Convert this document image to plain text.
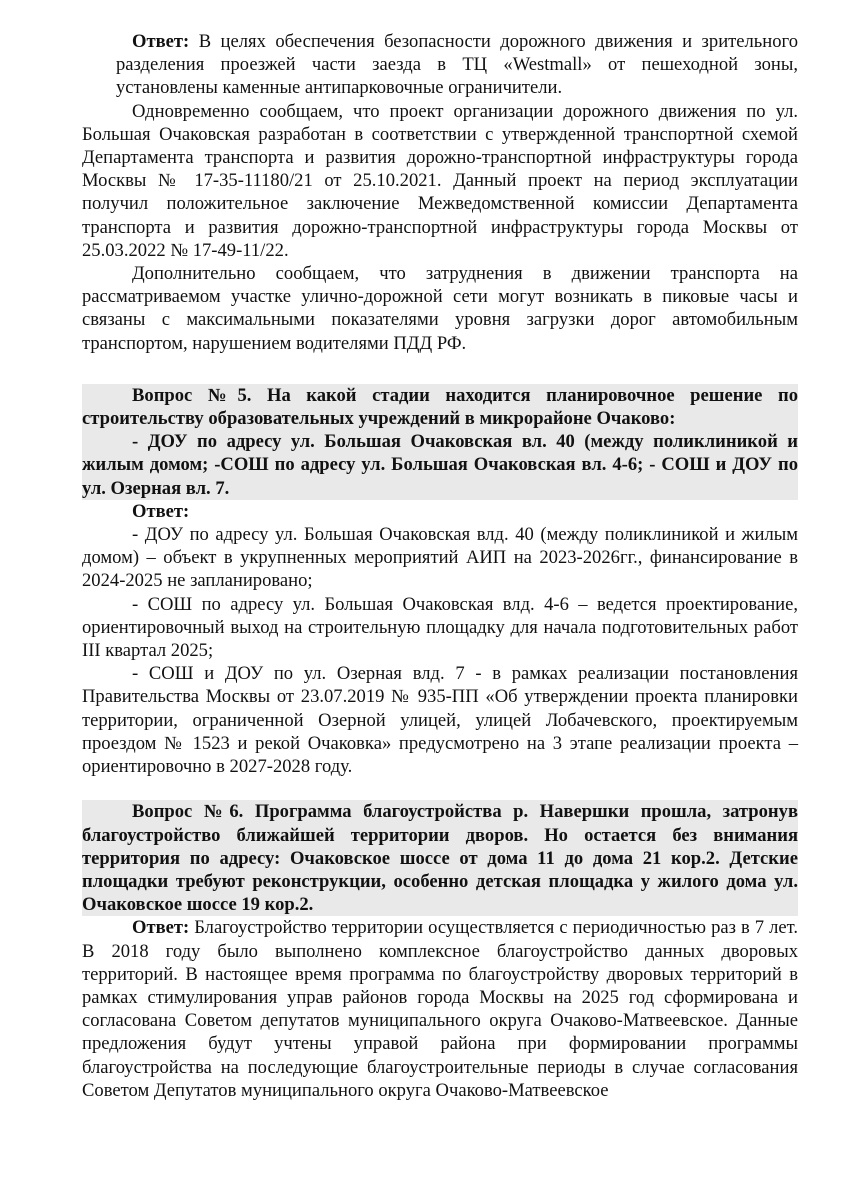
Ответ: В целях обеспечения безопасности дорожного движения и зрительного разделения проезжей части заезда в ТЦ «Westmall» от пешеходной зоны, установлены каменные антипарковочные ограничители.

Одновременно сообщаем, что проект организации дорожного движения по ул. Большая Очаковская разработан в соответствии с утвержденной транспортной схемой Департамента транспорта и развития дорожно-транспортной инфраструктуры города Москвы № 17-35-11180/21 от 25.10.2021. Данный проект на период эксплуатации получил положительное заключение Межведомственной комиссии Департамента транспорта и развития дорожно-транспортной инфраструктуры города Москвы от 25.03.2022 № 17-49-11/22.

Дополнительно сообщаем, что затруднения в движении транспорта на рассматриваемом участке улично-дорожной сети могут возникать в пиковые часы и связаны с максимальными показателями уровня загрузки дорог автомобильным транспортом, нарушением водителями ПДД РФ.

Вопрос №5. На какой стадии находится планировочное решение по строительству образовательных учреждений в микрорайоне Очаково:

- ДОУ по адресу ул. Большая Очаковская вл. 40 (между поликлиникой и жилым домом; -СОШ по адресу ул. Большая Очаковская вл. 4-6; - СОШ и ДОУ по ул. Озерная вл. 7.

Ответ:

- ДОУ по адресу ул. Большая Очаковская влд. 40 (между поликлиникой и жилым домом) – объект в укрупненных мероприятий АИП на 2023-2026гг., финансирование в 2024-2025 не запланировано;

- СОШ по адресу ул. Большая Очаковская влд. 4-6 – ведется проектирование, ориентировочный выход на строительную площадку для начала подготовительных работ III квартал 2025;

- СОШ и ДОУ по ул. Озерная влд. 7 - в рамках реализации постановления Правительства Москвы от 23.07.2019 № 935-ПП «Об утверждении проекта планировки территории, ограниченной Озерной улицей, улицей Лобачевского, проектируемым проездом № 1523 и рекой Очаковка» предусмотрено на 3 этапе реализации проекта – ориентировочно в 2027-2028 году.

Вопрос №6. Программа благоустройства р. Навершки прошла, затронув благоустройство ближайшей территории дворов. Но остается без внимания территория по адресу: Очаковское шоссе от дома 11 до дома 21 кор.2. Детские площадки требуют реконструкции, особенно детская площадка у жилого дома ул. Очаковское шоссе 19 кор.2.

Ответ: Благоустройство территории осуществляется с периодичностью раз в 7 лет. В 2018 году было выполнено комплексное благоустройство данных дворовых территорий. В настоящее время программа по благоустройству дворовых территорий в рамках стимулирования управ районов города Москвы на 2025 год сформирована и согласована Советом депутатов муниципального округа Очаково-Матвеевское. Данные предложения будут учтены управой района при формировании программы благоустройства на последующие благоустроительные периоды в случае согласования Советом Депутатов муниципального округа Очаково-Матвеевское
